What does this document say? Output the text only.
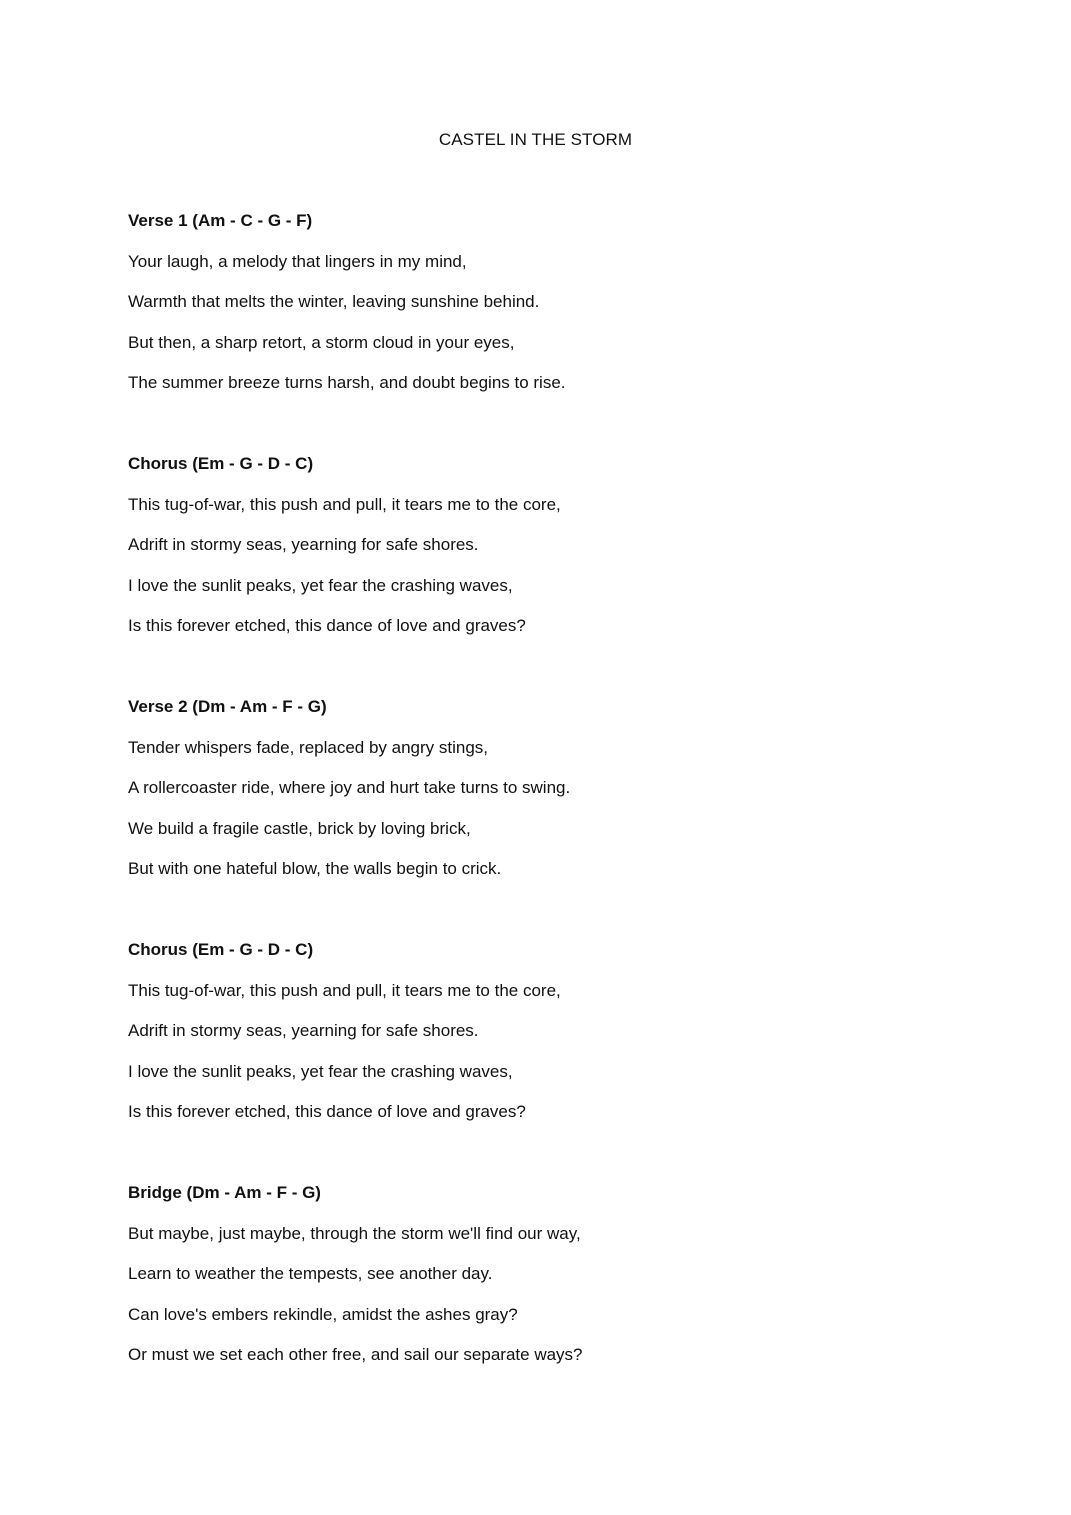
CASTEL IN THE STORM
Verse 1 (Am - C - G - F)
Your laugh, a melody that lingers in my mind,
Warmth that melts the winter, leaving sunshine behind.
But then, a sharp retort, a storm cloud in your eyes,
The summer breeze turns harsh, and doubt begins to rise.
Chorus (Em - G - D - C)
This tug-of-war, this push and pull, it tears me to the core,
Adrift in stormy seas, yearning for safe shores.
I love the sunlit peaks, yet fear the crashing waves,
Is this forever etched, this dance of love and graves?
Verse 2 (Dm - Am - F - G)
Tender whispers fade, replaced by angry stings,
A rollercoaster ride, where joy and hurt take turns to swing.
We build a fragile castle, brick by loving brick,
But with one hateful blow, the walls begin to crick.
Chorus (Em - G - D - C)
This tug-of-war, this push and pull, it tears me to the core,
Adrift in stormy seas, yearning for safe shores.
I love the sunlit peaks, yet fear the crashing waves,
Is this forever etched, this dance of love and graves?
Bridge (Dm - Am - F - G)
But maybe, just maybe, through the storm we'll find our way,
Learn to weather the tempests, see another day.
Can love's embers rekindle, amidst the ashes gray?
Or must we set each other free, and sail our separate ways?
